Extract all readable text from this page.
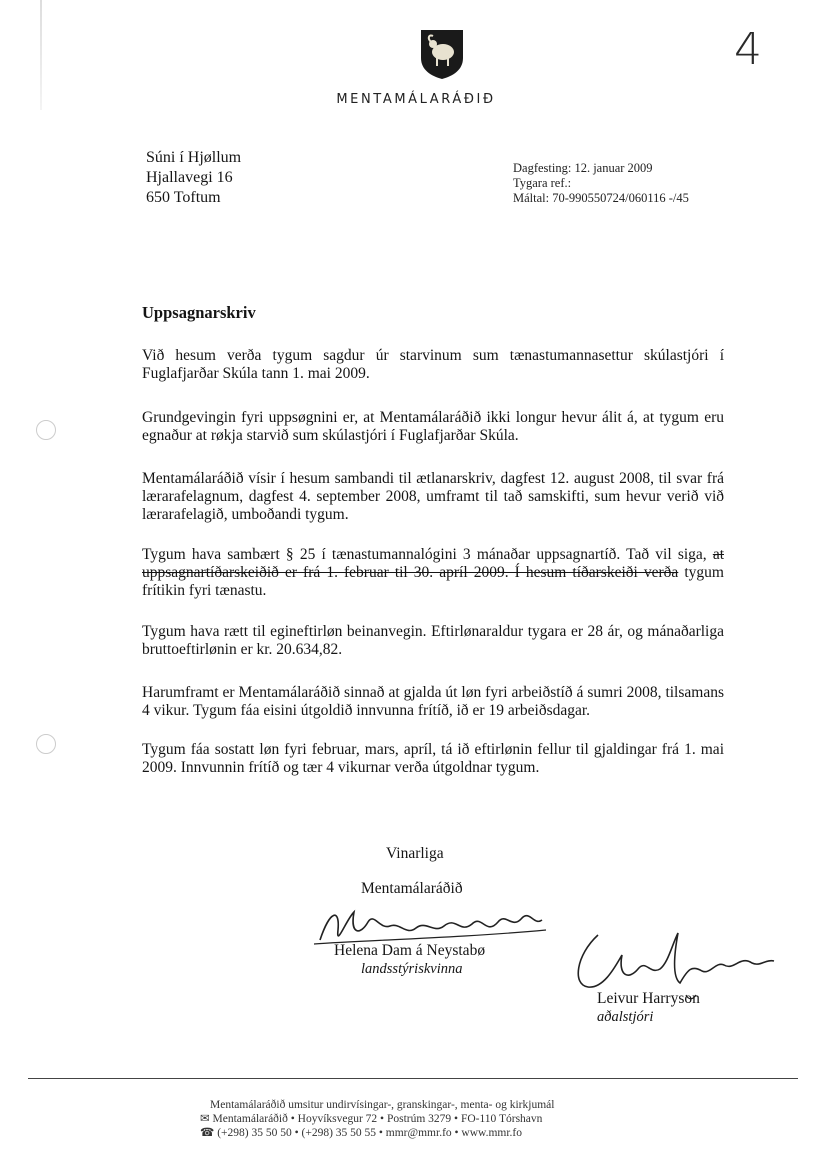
MENTAMÁLARÁÐIÐ
4
Súni í Hjøllum
Hjallavegi 16
650 Toftum
Dagfesting: 12. januar 2009
Tygara ref.:
Máltal: 70-990550724/060116 -/45
Uppsagnarskriv

Við hesum verða tygum sagdur úr starvinum sum tænastumannasettur skúlastjóri í Fuglafjarðar Skúla tann 1. mai 2009.

Grundgevingin fyri uppsøgnini er, at Mentamálaráðið ikki longur hevur álit á, at tygum eru egnaður at røkja starvið sum skúlastjóri í Fuglafjarðar Skúla.

Mentamálaráðið vísir í hesum sambandi til ætlanarskriv, dagfest 12. august 2008, til svar frá lærarafelagnum, dagfest 4. september 2008, umframt til tað samskifti, sum hevur verið við lærarafelagið, umboðandi tygum.

Tygum hava sambært § 25 í tænastumannalógini 3 mánaðar uppsagnartíð. Tað vil siga, at uppsagnartíðarskeiðið er frá 1. februar til 30. apríl 2009. Í hesum tíðarskeiði verða tygum frítikin fyri tænastu.

Tygum hava rætt til egineftirløn beinanvegin. Eftirlønaraldur tygara er 28 ár, og mánaðarliga bruttoeftirlønin er kr. 20.634,82.

Harumframt er Mentamálaráðið sinnað at gjalda út løn fyri arbeiðstíð á sumri 2008, tilsamans 4 vikur. Tygum fáa eisini útgoldið innvunna frítíð, ið er 19 arbeiðsdagar.

Tygum fáa sostatt løn fyri februar, mars, apríl, tá ið eftirlønin fellur til gjaldingar frá 1. mai 2009. Innvunnin frítíð og tær 4 vikurnar verða útgoldnar tygum.

Vinarliga
Mentamálaráðið
Helena Dam á Neystabø
landsstýriskvinna
Leivur Harryson
aðalstjóri
Mentamálaráðið umsitur undirvísingar-, granskingar-, menta- og kirkjumál
✉ Mentamálaráðið • Hoyvíksvegur 72 • Postrúm 3279 • FO-110 Tórshavn
☎ (+298) 35 50 50 • (+298) 35 50 55 • mmr@mmr.fo • www.mmr.fo
